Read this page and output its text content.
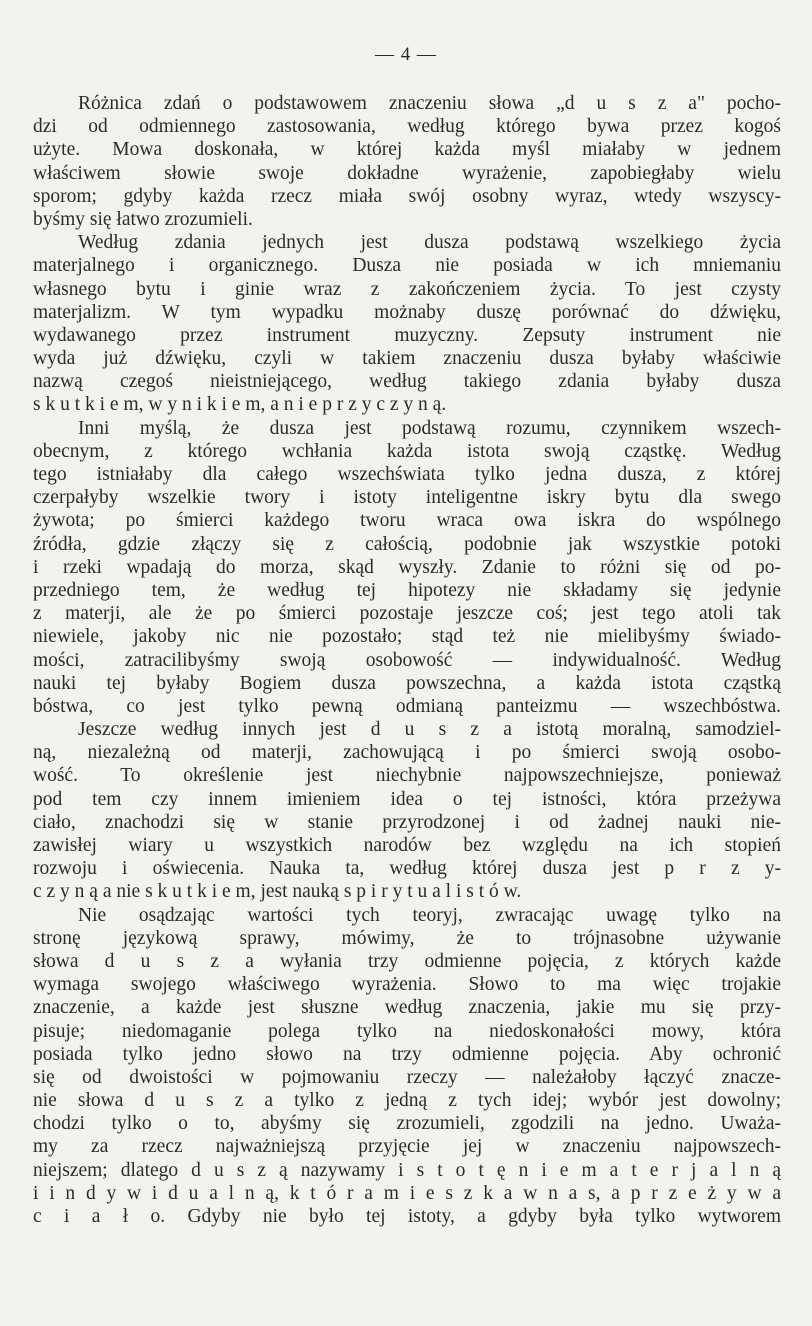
— 4 —
Różnica zdań o podstawowem znaczeniu słowa „d u s z a" pocho-
dzi od odmiennego zastosowania, według którego bywa przez kogoś
użyte. Mowa doskonała, w której każda myśl miałaby w jednem
właściwem słowie swoje dokładne wyrażenie, zapobiegłaby wielu
sporom; gdyby każda rzecz miała swój osobny wyraz, wtedy wszyscy-
byśmy się łatwo zrozumieli.
Według zdania jednych jest dusza podstawą wszelkiego życia
materjalnego i organicznego. Dusza nie posiada w ich mniemaniu
własnego bytu i ginie wraz z zakończeniem życia. To jest czysty
materjalizm. W tym wypadku możnaby duszę porównać do dźwięku,
wydawanego przez instrument muzyczny. Zepsuty instrument nie
wyda już dźwięku, czyli w takiem znaczeniu dusza byłaby właściwie
nazwą czegoś nieistniejącego, według takiego zdania byłaby dusza
s k u t k i e m, w y n i k i e m, a n i e p r z y c z y n ą.
Inni myślą, że dusza jest podstawą rozumu, czynnikem wszech-
obecnym, z którego wchłania każda istota swoją cząstkę. Według
tego istniałaby dla całego wszechświata tylko jedna dusza, z której
czerpałyby wszelkie twory i istoty inteligentne iskry bytu dla swego
żywota; po śmierci każdego tworu wraca owa iskra do wspólnego
źródła, gdzie złączy się z całością, podobnie jak wszystkie potoki
i rzeki wpadają do morza, skąd wyszły. Zdanie to różni się od po-
przedniego tem, że według tej hipotezy nie składamy się jedynie
z materji, ale że po śmierci pozostaje jeszcze coś; jest tego atoli tak
niewiele, jakoby nic nie pozostało; stąd też nie mielibyśmy świado-
mości, zatracilibyśmy swoją osobowość — indywidualność. Według
nauki tej byłaby Bogiem dusza powszechna, a każda istota cząstką
bóstwa, co jest tylko pewną odmianą panteizmu — wszechbóstwa.
Jeszcze według innych jest d u s z a istotą moralną, samodziel-
ną, niezależną od materji, zachowującą i po śmierci swoją osobo-
wość. To określenie jest niechybnie najpowszechniejsze, ponieważ
pod tem czy innem imieniem idea o tej istności, która przeżywa
ciało, znachodzi się w stanie przyrodzonej i od żadnej nauki nie-
zawisłej wiary u wszystkich narodów bez względu na ich stopień
rozwoju i oświecenia. Nauka ta, według której dusza jest p r z y-
c z y n ą a nie s k u t k i e m, jest nauką s p i r y t u a l i s t ó w.
Nie osądzając wartości tych teoryj, zwracając uwagę tylko na
stronę językową sprawy, mówimy, że to trójnasobne używanie
słowa d u s z a wyłania trzy odmienne pojęcia, z których każde
wymaga swojego właściwego wyrażenia. Słowo to ma więc trojakie
znaczenie, a każde jest słuszne według znaczenia, jakie mu się przy-
pisuje; niedomaganie polega tylko na niedoskonałości mowy, która
posiada tylko jedno słowo na trzy odmienne pojęcia. Aby ochronić
się od dwoistości w pojmowaniu rzeczy — należałoby łączyć znacze-
nie słowa d u s z a tylko z jedną z tych idej; wybór jest dowolny;
chodzi tylko o to, abyśmy się zrozumieli, zgodzili na jedno. Uważa-
my za rzecz najważniejszą przyjęcie jej w znaczeniu najpowszech-
niejszem; dlatego d u s z ą nazywamy i s t o t ę n i e m a t e r j a l n ą
i i n d y w i d u a l n ą, k t ó r a m i e s z k a w n a s, a p r z e ż y w a
c i a ł o. Gdyby nie było tej istoty, a gdyby była tylko wytworem
